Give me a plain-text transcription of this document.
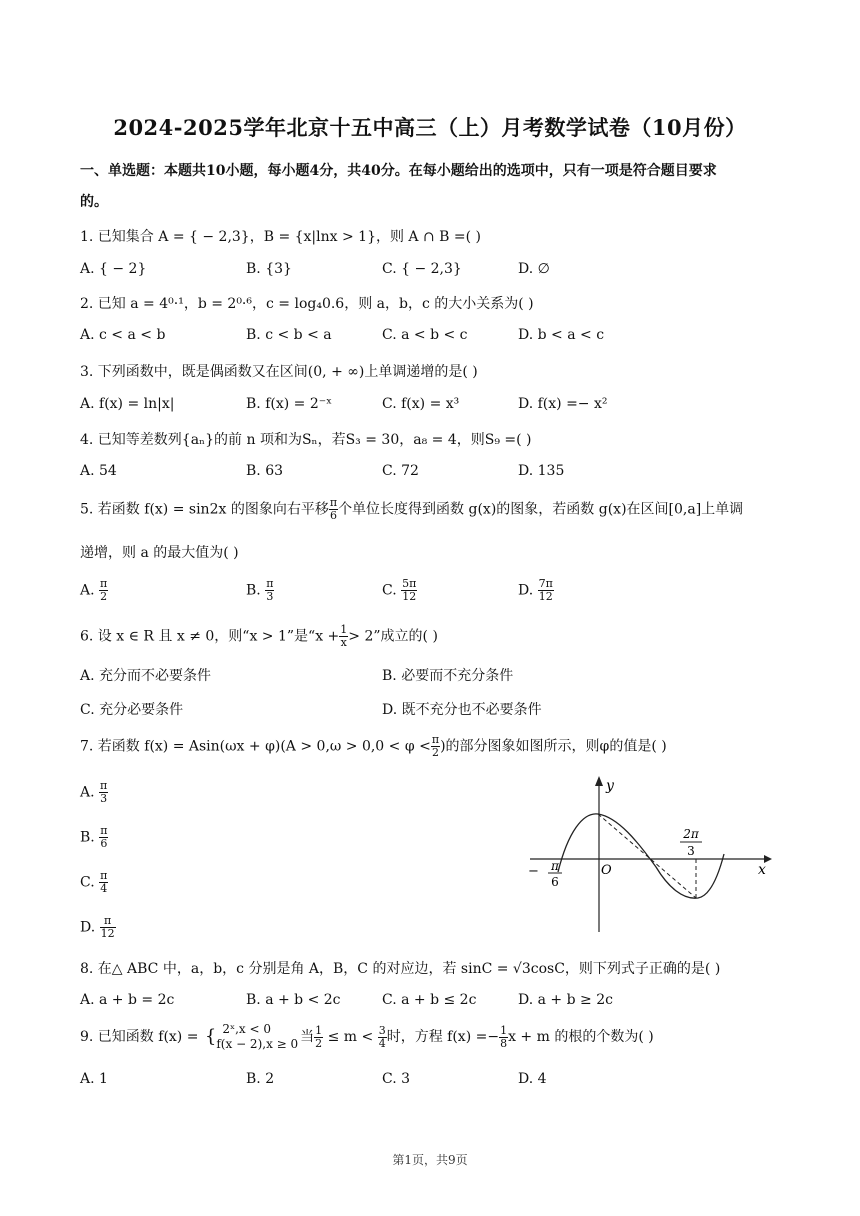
2024-2025学年北京十五中高三（上）月考数学试卷（10月份）
一、单选题：本题共10小题，每小题4分，共40分。在每小题给出的选项中，只有一项是符合题目要求
的。
1. 已知集合 A = { − 2,3}，B = {x|lnx > 1}，则 A ∩ B =( )
A. { − 2}	B. {3}	C. { − 2,3}	D. ∅
2. 已知 a = 4⁰·¹，b = 2⁰·⁶，c = log₄0.6，则 a，b，c 的大小关系为( )
A. c < a < b	B. c < b < a	C. a < b < c	D. b < a < c
3. 下列函数中，既是偶函数又在区间(0, + ∞)上单调递增的是( )
A. f(x) = ln|x|	B. f(x) = 2⁻ˣ	C. f(x) = x³	D. f(x) =− x²
4. 已知等差数列{aₙ}的前 n 项和为Sₙ，若S₃ = 30，a₈ = 4，则S₉ =( )
A. 54	B. 63	C. 72	D. 135
5. 若函数 f(x) = sin2x 的图象向右平移 $\frac{\pi}{6}$ 个单位长度得到函数 g(x)的图象，若函数 g(x)在区间[0,a]上单调
递增，则 a 的最大值为( )
A. $\frac{\pi}{2}$	B. $\frac{\pi}{3}$	C. $\frac{5\pi}{12}$	D. $\frac{7\pi}{12}$
6. 设 x ∈ R 且 x ≠ 0，则“x > 1”是“$x + \frac{1}{x} > 2$”成立的( )
A. 充分而不必要条件	B. 必要而不充分条件
C. 充分必要条件	D. 既不充分也不必要条件
7. 若函数 $f(x) = Asin(\omega x + \varphi)(A > 0,\omega > 0,0 < \varphi < \frac{\pi}{2}$ )的部分图象如图所示，则φ的值是( )
A. $\frac{\pi}{3}$
B. $\frac{\pi}{6}$
C. $\frac{\pi}{4}$
D. $\frac{\pi}{12}$
y
x
O
− π
6
2π
3
8. 在△ ABC 中，a，b，c 分别是角 A，B，C 的对应边，若 sinC = √3cosC，则下列式子正确的是( )
A. a + b = 2c	B. a + b < 2c	C. a + b ≤ 2c	D. a + b ≥ 2c
9. 已知函数 f(x) = { 2ˣ,x < 0
f(x − 2),x ≥ 0 当 $\frac{1}{2} \le m < \frac{3}{4}$ 时，方程 $f(x) =- \frac{1}{8}$ x + m 的根的个数为( )
A. 1	B. 2	C. 3	D. 4
第1页，共9页
